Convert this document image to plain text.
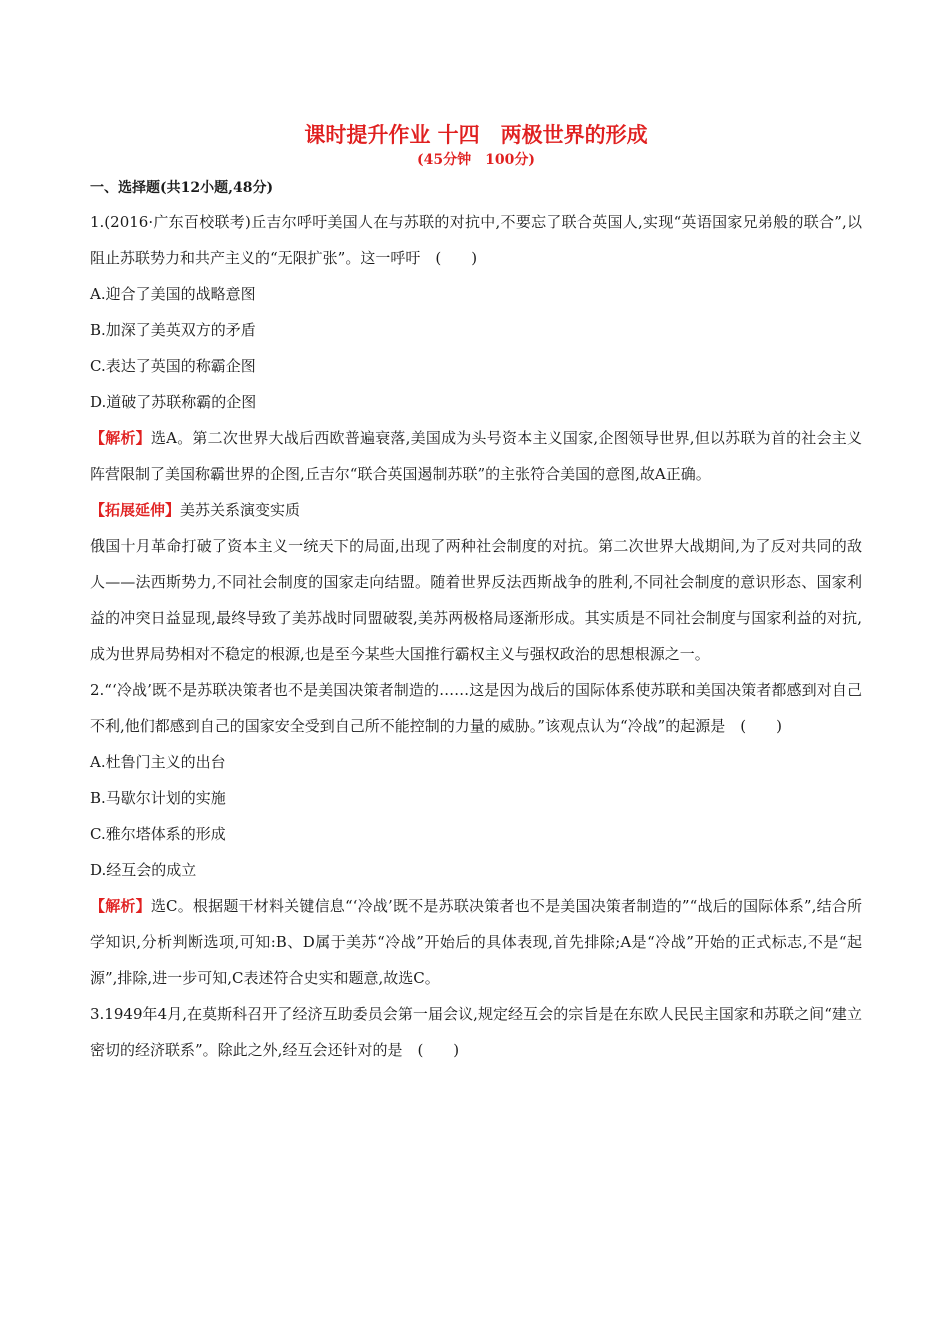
课时提升作业 十四　两极世界的形成
(45分钟　100分)
一、选择题(共12小题,48分)

1.(2016·广东百校联考)丘吉尔呼吁美国人在与苏联的对抗中,不要忘了联合英国人,实现“英语国家兄弟般的联合”,以阻止苏联势力和共产主义的“无限扩张”。这一呼吁　(　　)

A.迎合了美国的战略意图

B.加深了美英双方的矛盾

C.表达了英国的称霸企图

D.道破了苏联称霸的企图

【解析】选A。第二次世界大战后西欧普遍衰落,美国成为头号资本主义国家,企图领导世界,但以苏联为首的社会主义阵营限制了美国称霸世界的企图,丘吉尔“联合英国遏制苏联”的主张符合美国的意图,故A正确。

【拓展延伸】美苏关系演变实质

俄国十月革命打破了资本主义一统天下的局面,出现了两种社会制度的对抗。第二次世界大战期间,为了反对共同的敌人——法西斯势力,不同社会制度的国家走向结盟。随着世界反法西斯战争的胜利,不同社会制度的意识形态、国家利益的冲突日益显现,最终导致了美苏战时同盟破裂,美苏两极格局逐渐形成。其实质是不同社会制度与国家利益的对抗,成为世界局势相对不稳定的根源,也是至今某些大国推行霸权主义与强权政治的思想根源之一。

2.“‘冷战’既不是苏联决策者也不是美国决策者制造的……这是因为战后的国际体系使苏联和美国决策者都感到对自己不利,他们都感到自己的国家安全受到自己所不能控制的力量的威胁。”该观点认为“冷战”的起源是　(　　)

A.杜鲁门主义的出台

B.马歇尔计划的实施

C.雅尔塔体系的形成

D.经互会的成立

【解析】选C。根据题干材料关键信息“‘冷战’既不是苏联决策者也不是美国决策者制造的”“战后的国际体系”,结合所学知识,分析判断选项,可知:B、D属于美苏“冷战”开始后的具体表现,首先排除;A是“冷战”开始的正式标志,不是“起源”,排除,进一步可知,C表述符合史实和题意,故选C。

3.1949年4月,在莫斯科召开了经济互助委员会第一届会议,规定经互会的宗旨是在东欧人民民主国家和苏联之间“建立密切的经济联系”。除此之外,经互会还针对的是　(　　)
